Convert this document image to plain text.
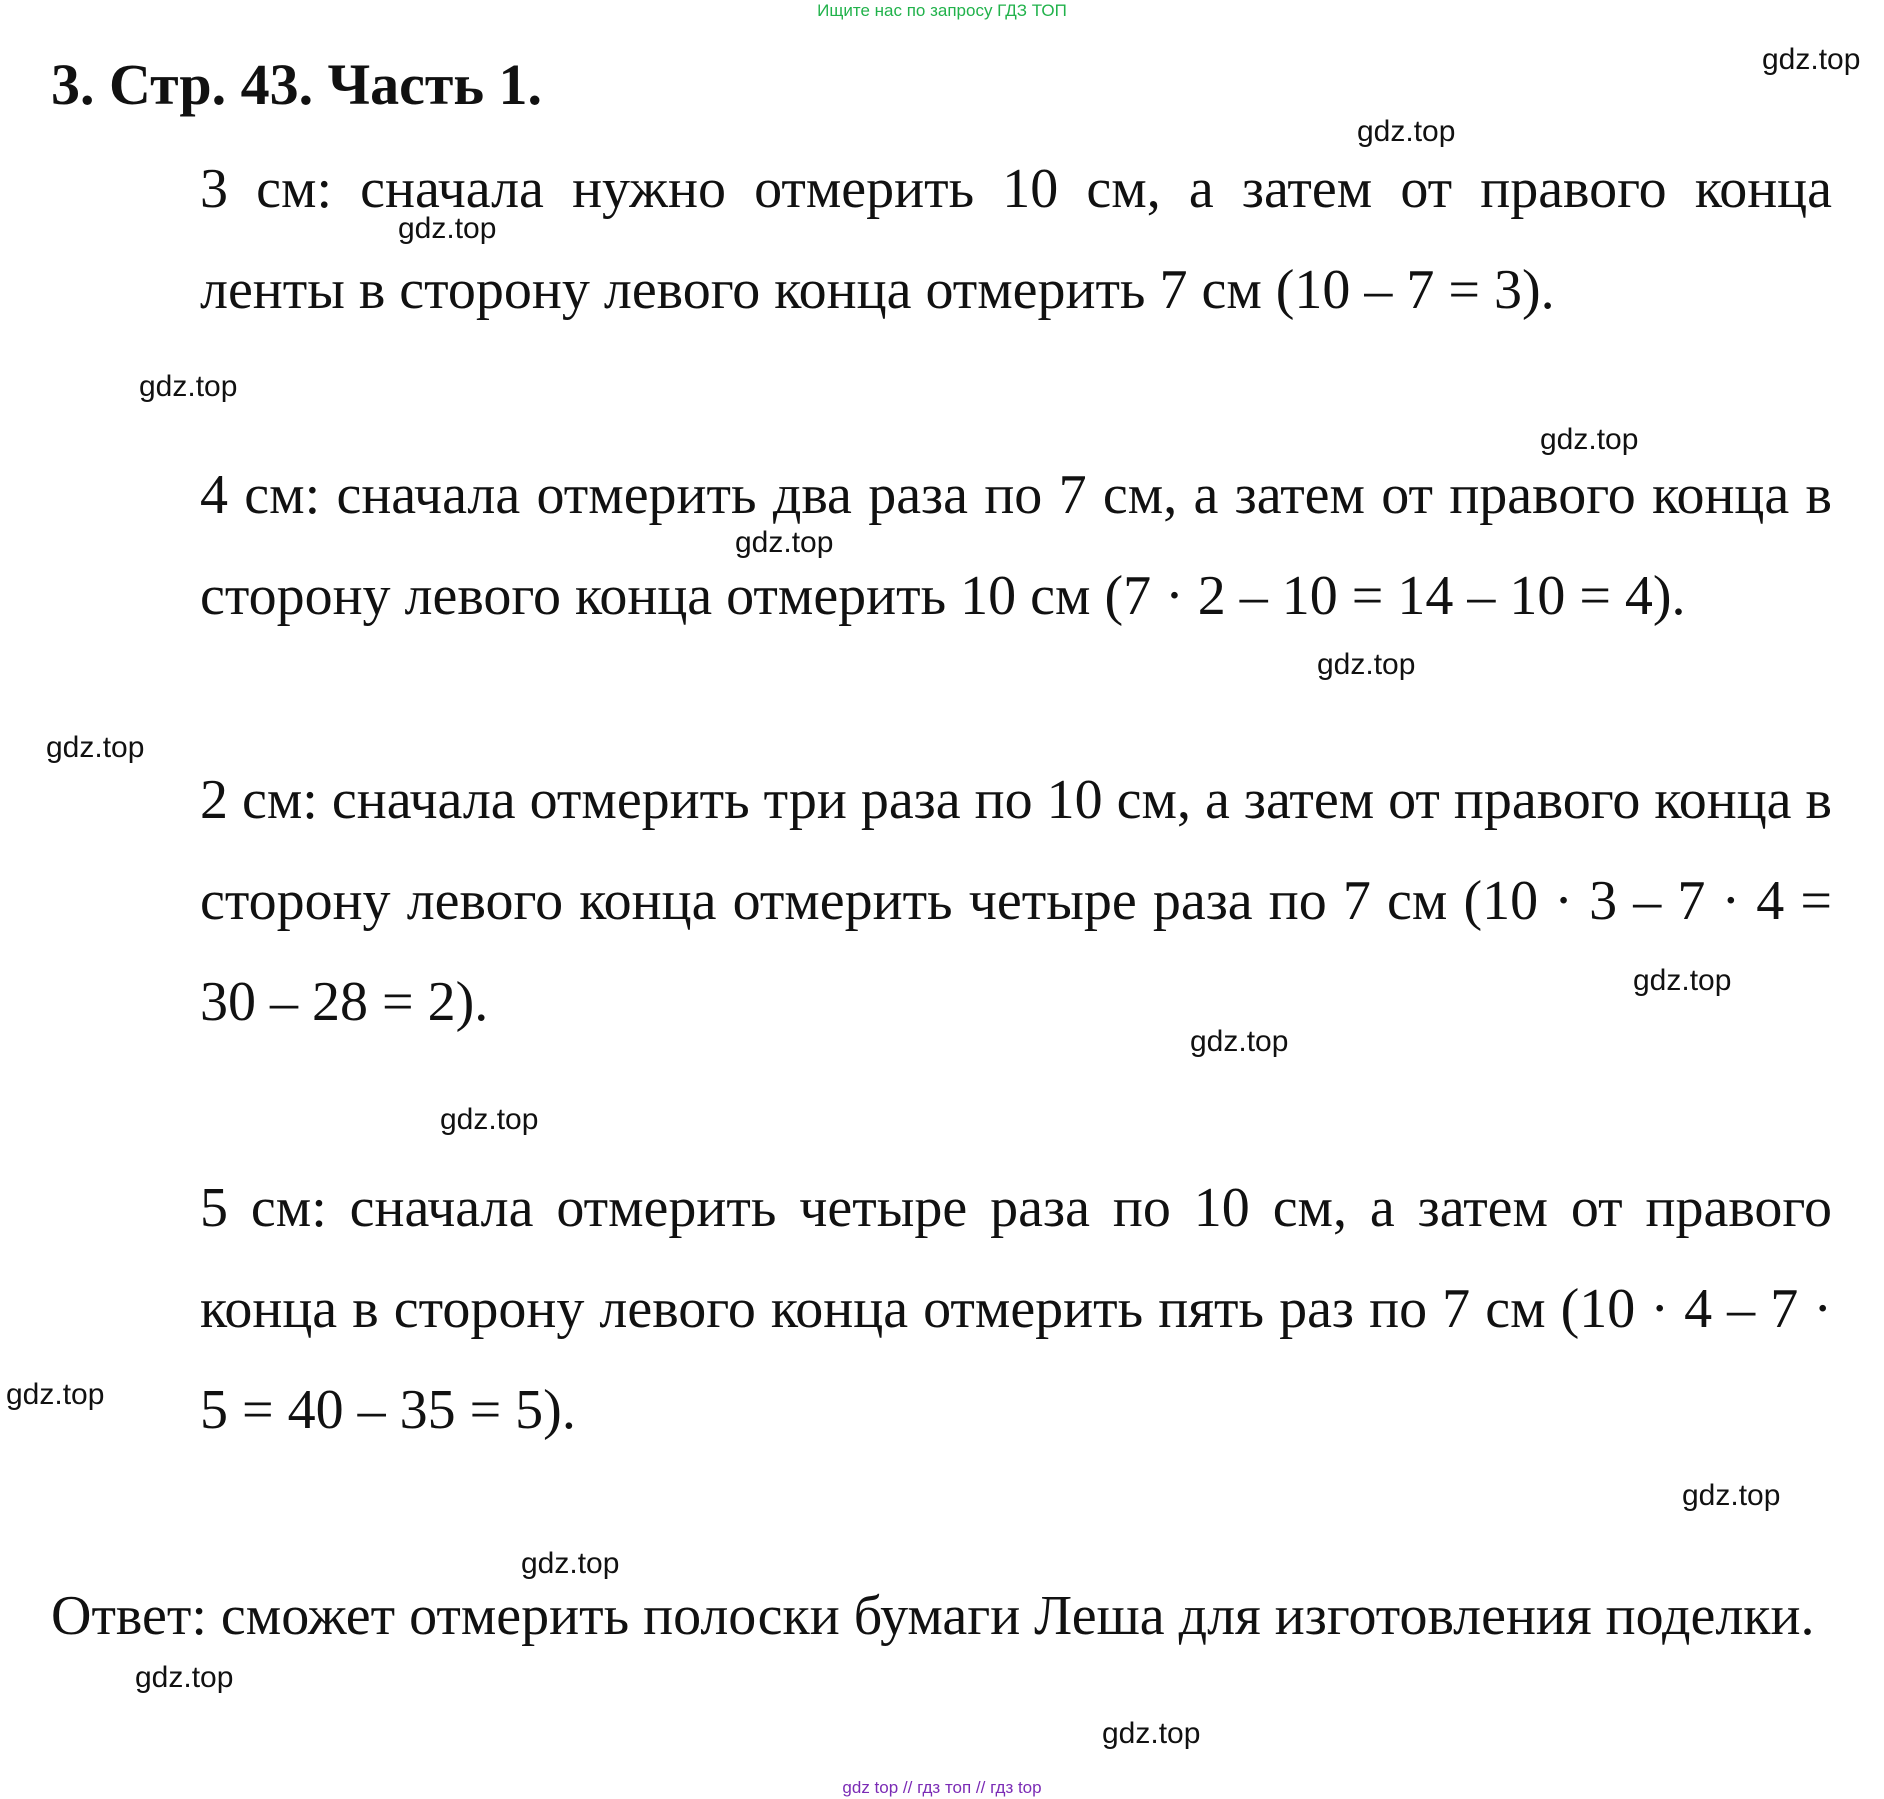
Ищите нас по запросу ГДЗ ТОП
3. Стр. 43. Часть 1.

3 см: сначала нужно отмерить 10 см, а затем от правого конца ленты в сторону левого конца отмерить 7 см (10 – 7 = 3).

4 см: сначала отмерить два раза по 7 см, а затем от правого конца в сторону левого конца отмерить 10 см (7 · 2 – 10 = 14 – 10 = 4).

2 см: сначала отмерить три раза по 10 см, а затем от правого конца в сторону левого конца отмерить четыре раза по 7 см (10 · 3 – 7 · 4 = 30 – 28 = 2).

5 см: сначала отмерить четыре раза по 10 см, а затем от правого конца в сторону левого конца отмерить пять раз по 7 см (10 · 4 – 7 · 5 = 40 – 35 = 5).

Ответ: сможет отмерить полоски бумаги Леша для изготовления поделки.

gdz.top
gdz.top
gdz.top
gdz.top
gdz.top
gdz.top
gdz.top
gdz.top
gdz.top
gdz.top
gdz.top
gdz.top
gdz.top
gdz.top
gdz.top
gdz.top
gdz top // гдз топ // гдз top
